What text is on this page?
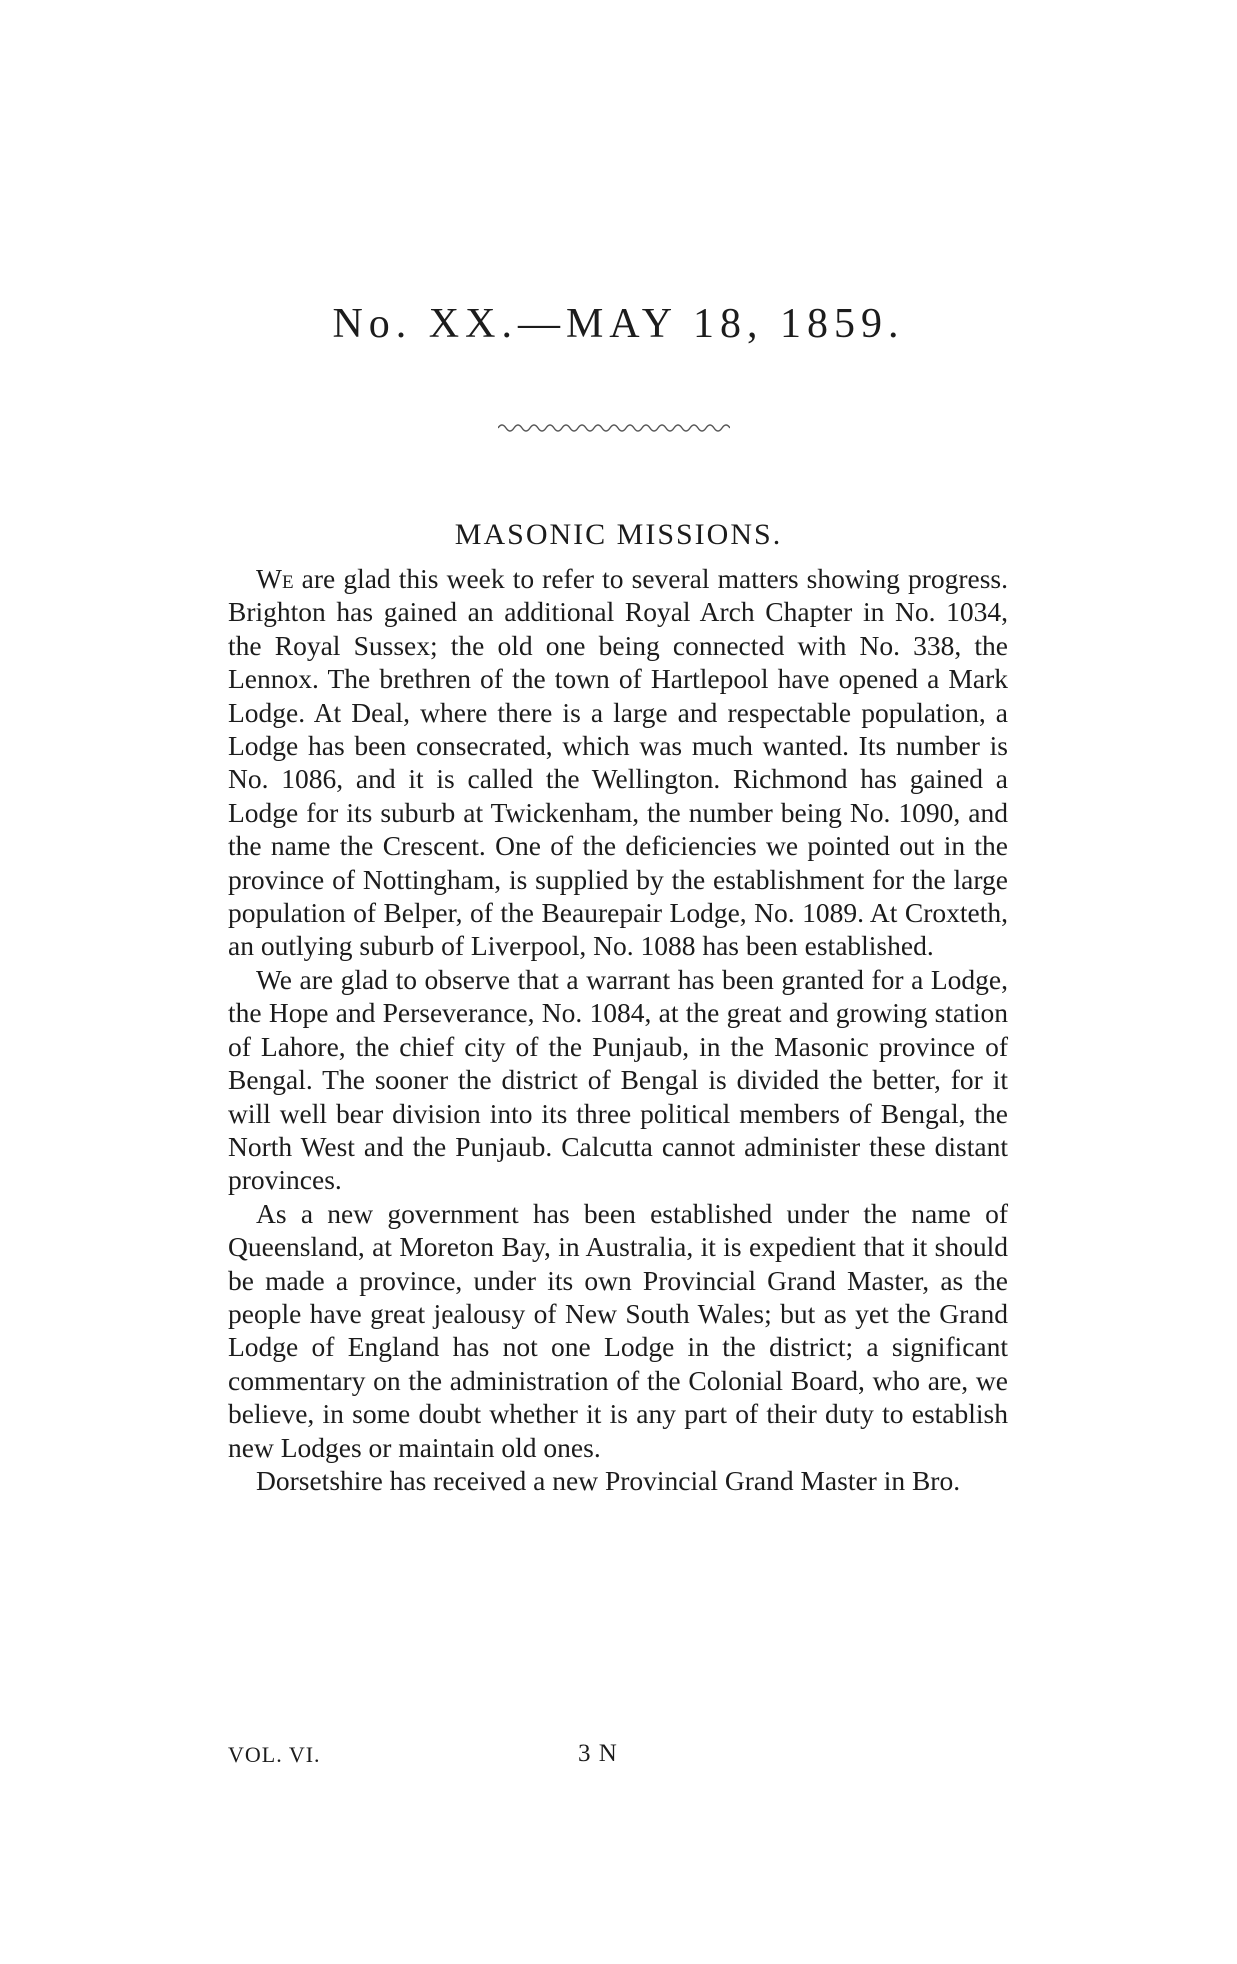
No. XX.—MAY 18, 1859.
MASONIC MISSIONS.

We are glad this week to refer to several matters showing progress. Brighton has gained an additional Royal Arch Chapter in No. 1034, the Royal Sussex; the old one being connected with No. 338, the Lennox. The brethren of the town of Hartlepool have opened a Mark Lodge. At Deal, where there is a large and respectable population, a Lodge has been consecrated, which was much wanted. Its number is No. 1086, and it is called the Wellington. Richmond has gained a Lodge for its suburb at Twickenham, the number being No. 1090, and the name the Crescent. One of the deficiencies we pointed out in the province of Nottingham, is supplied by the establishment for the large population of Belper, of the Beaurepair Lodge, No. 1089. At Croxteth, an outlying suburb of Liverpool, No. 1088 has been established.

We are glad to observe that a warrant has been granted for a Lodge, the Hope and Perseverance, No. 1084, at the great and growing station of Lahore, the chief city of the Punjaub, in the Masonic province of Bengal. The sooner the district of Bengal is divided the better, for it will well bear division into its three political members of Bengal, the North West and the Punjaub. Calcutta cannot administer these distant provinces.

As a new government has been established under the name of Queensland, at Moreton Bay, in Australia, it is expedient that it should be made a province, under its own Provincial Grand Master, as the people have great jealousy of New South Wales; but as yet the Grand Lodge of England has not one Lodge in the district; a significant commentary on the administration of the Colonial Board, who are, we believe, in some doubt whether it is any part of their duty to establish new Lodges or maintain old ones.

Dorsetshire has received a new Provincial Grand Master in Bro.

VOL. VI.	3 N
